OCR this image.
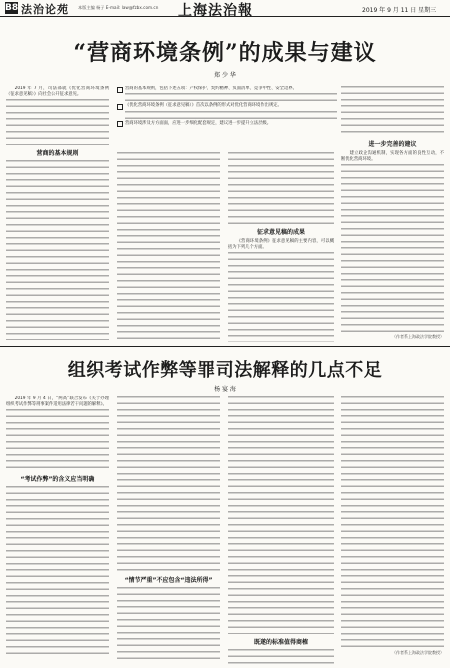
B8 法治论苑 本版主编 杨子 E-mail: law@fzbx.com.cn 上海法治報	2019 年 9 月 11 日 星期三
“营商环境条例”的成果与建议
郑 少 华

2019 年 7 月，司法部就《优化营商环境条例（征求意见稿）》向社会公开征求意见。

营商的基本规则
营商的基本规则，包括下述五项：产权保护、契约精神、负面清单、竞争中性、安全边界。
《优化营商环境条例（征求意见稿）》首次以条例的形式对优化营商环境作出规定。
营商环境涉及方方面面，应进一步细化配套规定，建议进一步提升立法层级。
征求意见稿的成果

《营商环境条例》征求意见稿的主要内容，可以概括为下列几个方面。

进一步完善的建议

建立政企沟通机制，实现各方面的良性互动，不断优化营商环境。

（作者系上海政法学院教授）
组织考试作弊等罪司法解释的几点不足
杨 宴 海

2019 年 9 月 4 日，“两高”联合发布《关于办理组织考试作弊等刑事案件适用法律若干问题的解释》。

“考试作弊”的含义应当明确
“情节严重”不应包含“违法所得”
既遂的标准值得商榷
（作者系上海政法学院教授）
